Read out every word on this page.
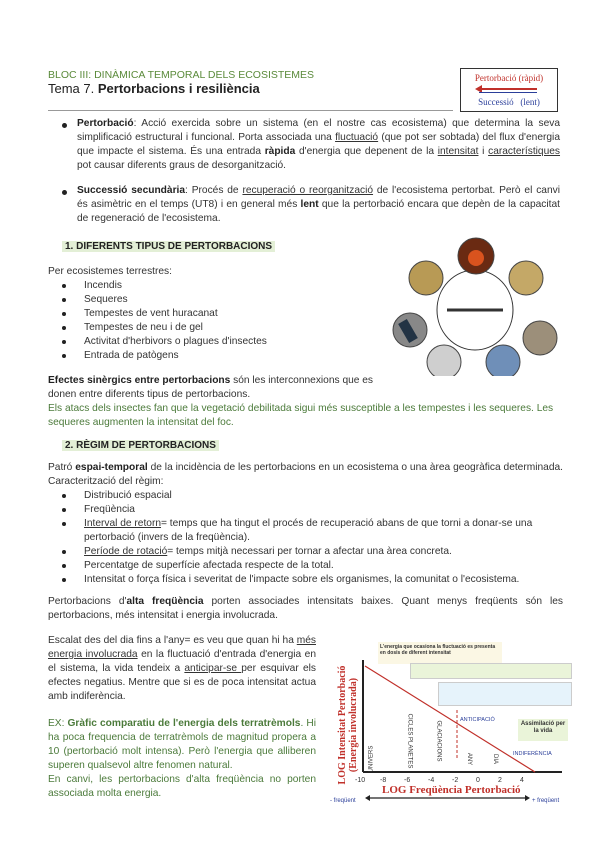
BLOC III: DINÀMICA TEMPORAL DELS ECOSISTEMES
Tema 7. Pertorbacions i resiliència
Pertorbació (ràpid)
Successió (lent)
Pertorbació: Acció exercida sobre un sistema (en el nostre cas ecosistema) que determina la seva simplificació estructural i funcional. Porta associada una fluctuació (que pot ser sobtada) del flux d'energia que impacte el sistema. És una entrada ràpida d'energia que depenent de la intensitat i característiques pot causar diferents graus de desorganització.
Successió secundària: Procés de recuperació o reorganització de l'ecosistema pertorbat. Però el canvi és asimètric en el temps (UT8) i en general més lent que la pertorbació encara que depèn de la capacitat de regeneració de l'ecosistema.
1. DIFERENTS TIPUS DE PERTORBACIONS
Per ecosistemes terrestres:
Incendis
Sequeres
Tempestes de vent huracanat
Tempestes de neu i de gel
Activitat d'herbivors o plagues d'insectes
Entrada de patògens
Efectes sinèrgics entre pertorbacions són les interconnexions que es donen entre diferents tipus de pertorbacions.
Els atacs dels insectes fan que la vegetació debilitada sigui més susceptible a les tempestes i les sequeres. Les sequeres augmenten la intensitat del foc.
2. RÈGIM DE PERTORBACIONS
Patró espai-temporal de la incidència de les pertorbacions en un ecosistema o una àrea geogràfica determinada. Caracterització del règim:
Distribució espacial
Freqüència
Interval de retorn= temps que ha tingut el procés de recuperació abans de que torni a donar-se una pertorbació (invers de la freqüència).
Període de rotació= temps mitjà necessari per tornar a afectar una àrea concreta.
Percentatge de superfície afectada respecte de la total.
Intensitat o força física i severitat de l'impacte sobre els organismes, la comunitat o l'ecosistema.
Pertorbacions d'alta freqüència porten associades intensitats baixes. Quant menys freqüents són les pertorbacions, més intensitat i energia involucrada.
Escalat des del dia fins a l'any= es veu que quan hi ha més energia involucrada en la fluctuació d'entrada d'energia en el sistema, la vida tendeix a anticipar-se per esquivar els efectes negatius. Mentre que si es de poca intensitat actua amb indiferència.
EX: Gràfic comparatiu de l'energia dels terratrèmols. Hi ha poca frequencia de terratrèmols de magnitud propera a 10 (pertorbació molt intensa). Però l'energia que alliberen superen qualsevol altre fenomen natural.
En canvi, les pertorbacions d'alta freqüència no porten associada molta energia.
L'energia que ocasiona la fluctuació es presenta en dosis de diferent intensitat
Assimilació per la vida
ANTICIPACIÓ
INDIFERÈNCIA
LOG Intensitat Pertorbació (Energia involucrada)	UNIVERS	CICLES PLANETES	GLACIACIONS	ANY	DIA
-10 -8	-6	-4	-2	0	2	4
LOG Freqüència Pertorbació
- freqüent	+ freqüent
